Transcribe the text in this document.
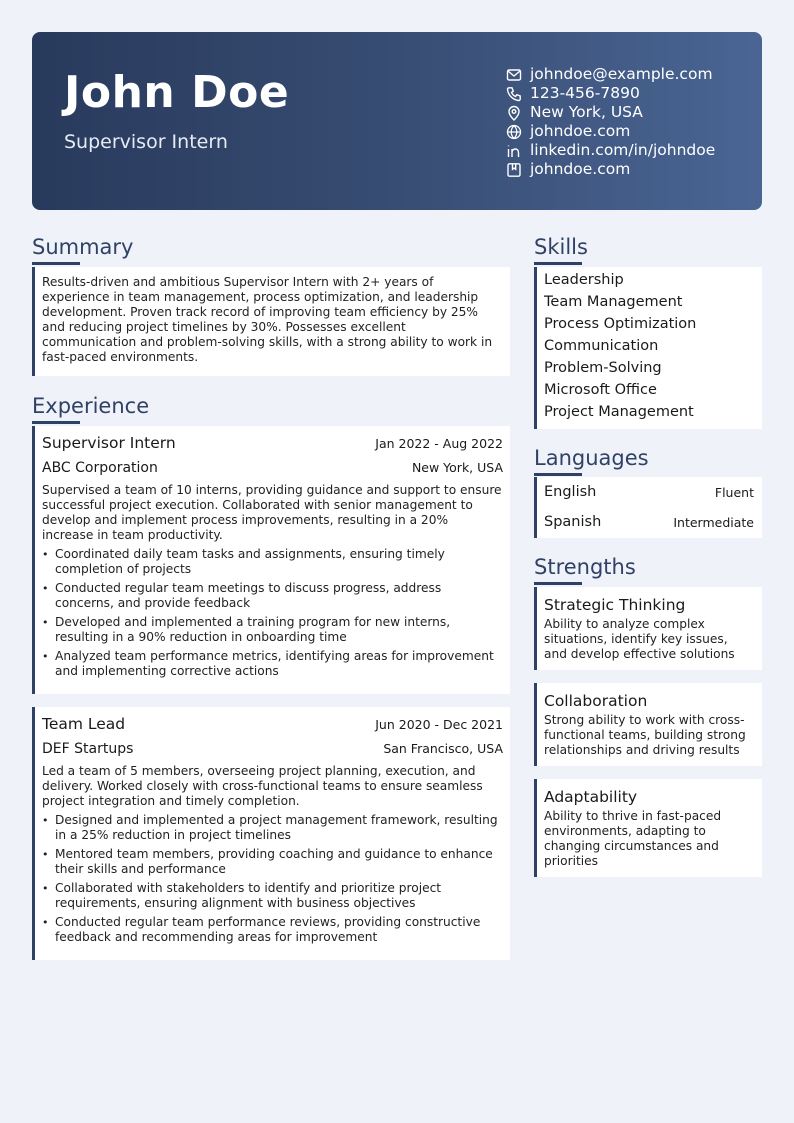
John Doe
Supervisor Intern
johndoe@example.com
123-456-7890
New York, USA
johndoe.com
linkedin.com/in/johndoe
johndoe.com
Summary
Results-driven and ambitious Supervisor Intern with 2+ years of experience in team management, process optimization, and leadership development. Proven track record of improving team efficiency by 25% and reducing project timelines by 30%. Possesses excellent communication and problem-solving skills, with a strong ability to work in fast-paced environments.
Experience
Supervisor Intern	Jan 2022 - Aug 2022
ABC Corporation	New York, USA
Supervised a team of 10 interns, providing guidance and support to ensure successful project execution. Collaborated with senior management to develop and implement process improvements, resulting in a 20% increase in team productivity.
• Coordinated daily team tasks and assignments, ensuring timely completion of projects
• Conducted regular team meetings to discuss progress, address concerns, and provide feedback
• Developed and implemented a training program for new interns, resulting in a 90% reduction in onboarding time
• Analyzed team performance metrics, identifying areas for improvement and implementing corrective actions
Team Lead	Jun 2020 - Dec 2021
DEF Startups	San Francisco, USA
Led a team of 5 members, overseeing project planning, execution, and delivery. Worked closely with cross-functional teams to ensure seamless project integration and timely completion.
• Designed and implemented a project management framework, resulting in a 25% reduction in project timelines
• Mentored team members, providing coaching and guidance to enhance their skills and performance
• Collaborated with stakeholders to identify and prioritize project requirements, ensuring alignment with business objectives
• Conducted regular team performance reviews, providing constructive feedback and recommending areas for improvement
Skills
Leadership
Team Management
Process Optimization
Communication
Problem-Solving
Microsoft Office
Project Management
Languages
English	Fluent
Spanish	Intermediate
Strengths
Strategic Thinking
Ability to analyze complex situations, identify key issues, and develop effective solutions
Collaboration
Strong ability to work with cross-functional teams, building strong relationships and driving results
Adaptability
Ability to thrive in fast-paced environments, adapting to changing circumstances and priorities
